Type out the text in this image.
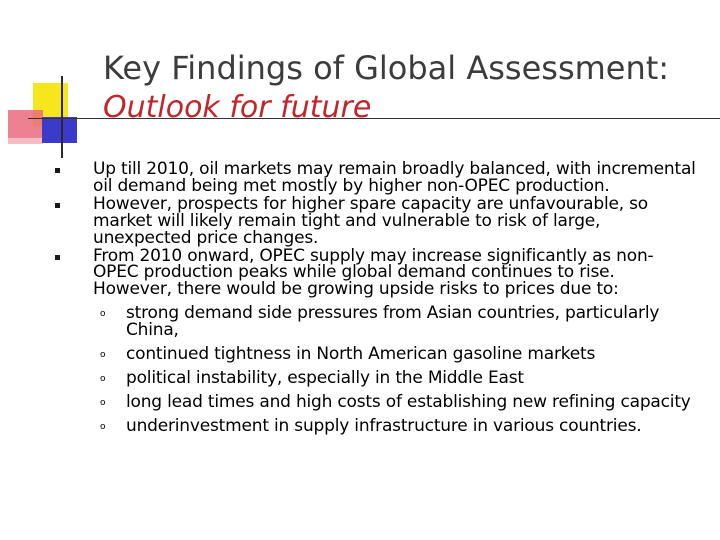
Key Findings of Global Assessment:
Outlook for future
Up till 2010, oil markets may remain broadly balanced, with incremental oil demand being met mostly by higher non-OPEC production.
However, prospects for higher spare capacity are unfavourable, so market will likely remain tight and vulnerable to risk of large, unexpected price changes.
From 2010 onward, OPEC supply may increase significantly as non-OPEC production peaks while global demand continues to rise. However, there would be growing upside risks to prices due to:
o strong demand side pressures from Asian countries, particularly China,
o continued tightness in North American gasoline markets
o political instability, especially in the Middle East
o long lead times and high costs of establishing new refining capacity
o underinvestment in supply infrastructure in various countries.
